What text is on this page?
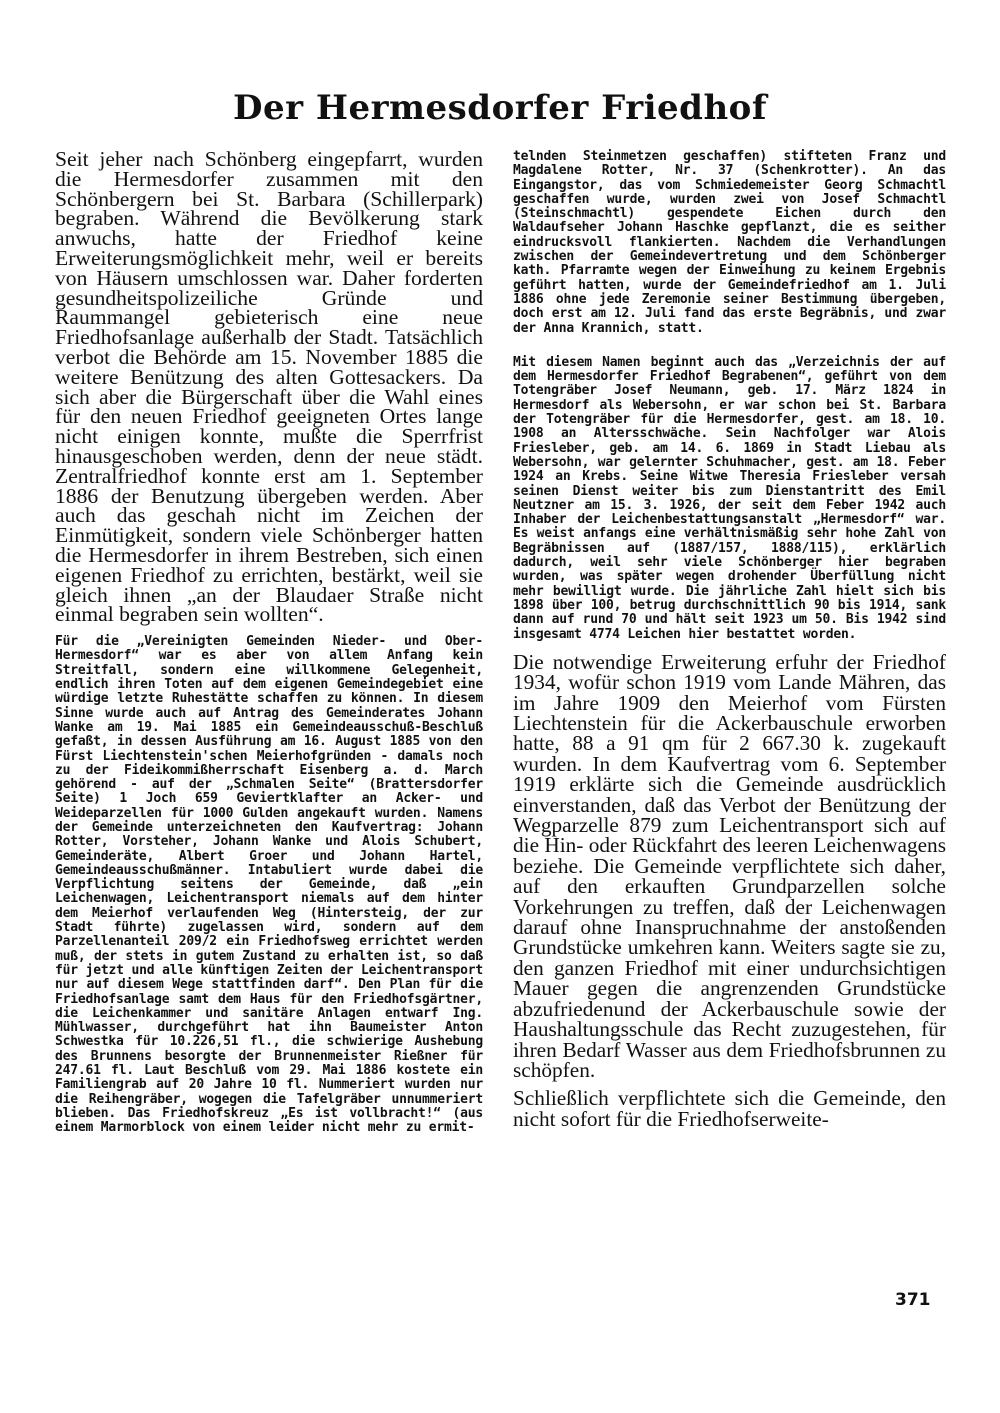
Der Hermesdorfer Friedhof

Seit jeher nach Schönberg eingepfarrt, wurden die Hermesdorfer zusammen mit den Schönbergern bei St. Barbara (Schillerpark) begraben. Während die Bevölkerung stark anwuchs, hatte der Friedhof keine Erweiterungsmöglichkeit mehr, weil er bereits von Häusern umschlossen war. Daher forderten gesundheitspolizeiliche Gründe und Raummangel gebieterisch eine neue Friedhofsanlage außerhalb der Stadt. Tatsächlich verbot die Behörde am 15. November 1885 die weitere Benützung des alten Gottesackers. Da sich aber die Bürgerschaft über die Wahl eines für den neuen Friedhof geeigneten Ortes lange nicht einigen konnte, mußte die Sperrfrist hinausgeschoben werden, denn der neue städt. Zentralfriedhof konnte erst am 1. September 1886 der Benutzung übergeben werden. Aber auch das geschah nicht im Zeichen der Einmütigkeit, sondern viele Schönberger hatten die Hermesdorfer in ihrem Bestreben, sich einen eigenen Friedhof zu errichten, bestärkt, weil sie gleich ihnen „an der Blaudaer Straße nicht einmal begraben sein wollten“.

Für die „Vereinigten Gemeinden Nieder- und Ober-Hermesdorf“ war es aber von allem Anfang kein Streitfall, sondern eine willkommene Gelegenheit, endlich ihren Toten auf dem eigenen Gemeindegebiet eine würdige letzte Ruhestätte schaffen zu können. In diesem Sinne wurde auch auf Antrag des Gemeinderates Johann Wanke am 19. Mai 1885 ein Gemeindeausschuß-Beschluß gefaßt, in dessen Ausführung am 16. August 1885 von den Fürst Liechtenstein'schen Meierhofgründen - damals noch zu der Fideikommißherrschaft Eisenberg a. d. March gehörend - auf der „Schmalen Seite“ (Brattersdorfer Seite) 1 Joch 659 Geviertklafter an Acker- und Weideparzellen für 1000 Gulden angekauft wurden. Namens der Gemeinde unterzeichneten den Kaufvertrag: Johann Rotter, Vorsteher, Johann Wanke und Alois Schubert, Gemeinderäte, Albert Groer und Johann Hartel, Gemeindeausschußmänner. Intabuliert wurde dabei die Verpflichtung seitens der Gemeinde, daß „ein Leichenwagen, Leichentransport niemals auf dem hinter dem Meierhof verlaufenden Weg (Hintersteig, der zur Stadt führte) zugelassen wird, sondern auf dem Parzellenanteil 209/2 ein Friedhofsweg errichtet werden muß, der stets in gutem Zustand zu erhalten ist, so daß für jetzt und alle künftigen Zeiten der Leichentransport nur auf diesem Wege stattfinden darf“. Den Plan für die Friedhofsanlage samt dem Haus für den Friedhofsgärtner, die Leichenkammer und sanitäre Anlagen entwarf Ing. Mühlwasser, durchgeführt hat ihn Baumeister Anton Schwestka für 10.226,51 fl., die schwierige Aushebung des Brunnens besorgte der Brunnenmeister Rießner für 247.61 fl. Laut Beschluß vom 29. Mai 1886 kostete ein Familiengrab auf 20 Jahre 10 fl. Nummeriert wurden nur die Reihengräber, wogegen die Tafelgräber unnummeriert blieben. Das Friedhofskreuz „Es ist vollbracht!“ (aus einem Marmorblock von einem leider nicht mehr zu ermit-

telnden Steinmetzen geschaffen) stifteten Franz und Magdalene Rotter, Nr. 37 (Schenkrotter). An das Eingangstor, das vom Schmiedemeister Georg Schmachtl geschaffen wurde, wurden zwei von Josef Schmachtl (Steinschmachtl) gespendete Eichen durch den Waldaufseher Johann Haschke gepflanzt, die es seither eindrucksvoll flankierten. Nachdem die Verhandlungen zwischen der Gemeindevertretung und dem Schönberger kath. Pfarramte wegen der Einweihung zu keinem Ergebnis geführt hatten, wurde der Gemeindefriedhof am 1. Juli 1886 ohne jede Zeremonie seiner Bestimmung übergeben, doch erst am 12. Juli fand das erste Begräbnis, und zwar der Anna Krannich, statt.

Mit diesem Namen beginnt auch das „Verzeichnis der auf dem Hermesdorfer Friedhof Begrabenen“, geführt von dem Totengräber Josef Neumann, geb. 17. März 1824 in Hermesdorf als Webersohn, er war schon bei St. Barbara der Totengräber für die Hermesdorfer, gest. am 18. 10. 1908 an Altersschwäche. Sein Nachfolger war Alois Friesleber, geb. am 14. 6. 1869 in Stadt Liebau als Webersohn, war gelernter Schuhmacher, gest. am 18. Feber 1924 an Krebs. Seine Witwe Theresia Friesleber versah seinen Dienst weiter bis zum Dienstantritt des Emil Neutzner am 15. 3. 1926, der seit dem Feber 1942 auch Inhaber der Leichenbestattungsanstalt „Hermesdorf“ war. Es weist anfangs eine verhältnismäßig sehr hohe Zahl von Begräbnissen auf (1887/157, 1888/115), erklärlich dadurch, weil sehr viele Schönberger hier begraben wurden, was später wegen drohender Überfüllung nicht mehr bewilligt wurde. Die jährliche Zahl hielt sich bis 1898 über 100, betrug durchschnittlich 90 bis 1914, sank dann auf rund 70 und hält seit 1923 um 50. Bis 1942 sind insgesamt 4774 Leichen hier bestattet worden.

Die notwendige Erweiterung erfuhr der Friedhof 1934, wofür schon 1919 vom Lande Mähren, das im Jahre 1909 den Meierhof vom Fürsten Liechtenstein für die Ackerbauschule erworben hatte, 88 a 91 qm für 2 667.30 k. zugekauft wurden. In dem Kaufvertrag vom 6. September 1919 erklärte sich die Gemeinde ausdrücklich einverstanden, daß das Verbot der Benützung der Wegparzelle 879 zum Leichentransport sich auf die Hin- oder Rückfahrt des leeren Leichenwagens beziehe. Die Gemeinde verpflichtete sich daher, auf den erkauften Grundparzellen solche Vorkehrungen zu treffen, daß der Leichenwagen darauf ohne Inanspruchnahme der anstoßenden Grundstücke umkehren kann. Weiters sagte sie zu, den ganzen Friedhof mit einer undurchsichtigen Mauer gegen die angrenzenden Grundstücke abzufriedenund der Ackerbauschule sowie der Haushaltungsschule das Recht zuzugestehen, für ihren Bedarf Wasser aus dem Friedhofsbrunnen zu schöpfen.

Schließlich verpflichtete sich die Gemeinde, den nicht sofort für die Friedhofserweite-

371
